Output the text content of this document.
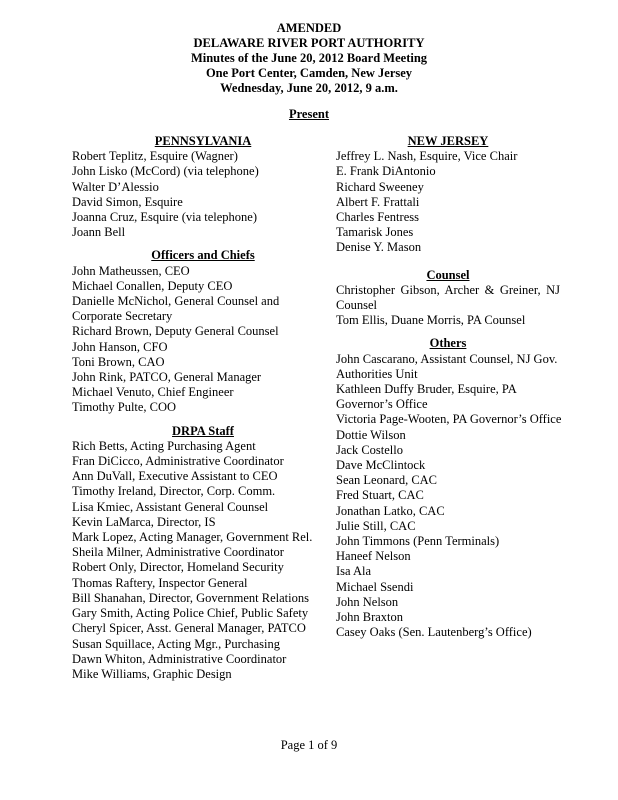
AMENDED
DELAWARE RIVER PORT AUTHORITY
Minutes of the June 20, 2012 Board Meeting
One Port Center, Camden, New Jersey
Wednesday, June 20, 2012, 9 a.m.
Present
PENNSYLVANIA
Robert Teplitz, Esquire (Wagner)
John Lisko (McCord) (via telephone)
Walter D’Alessio
David Simon, Esquire
Joanna Cruz, Esquire (via telephone)
Joann Bell
Officers and Chiefs
John Matheussen, CEO
Michael Conallen, Deputy CEO
Danielle McNichol, General Counsel and Corporate Secretary
Richard Brown, Deputy General Counsel
John Hanson, CFO
Toni Brown, CAO
John Rink, PATCO, General Manager
Michael Venuto, Chief Engineer
Timothy Pulte, COO
DRPA Staff
Rich Betts, Acting Purchasing Agent
Fran DiCicco, Administrative Coordinator
Ann DuVall, Executive Assistant to CEO
Timothy Ireland, Director, Corp. Comm.
Lisa Kmiec, Assistant General Counsel
Kevin LaMarca, Director, IS
Mark Lopez, Acting Manager, Government Rel.
Sheila Milner, Administrative Coordinator
Robert Only, Director, Homeland Security
Thomas Raftery, Inspector General
Bill Shanahan, Director, Government Relations
Gary Smith, Acting Police Chief, Public Safety
Cheryl Spicer, Asst. General Manager, PATCO
Susan Squillace, Acting Mgr., Purchasing
Dawn Whiton, Administrative Coordinator
Mike Williams, Graphic Design
NEW JERSEY
Jeffrey L. Nash, Esquire, Vice Chair
E. Frank DiAntonio
Richard Sweeney
Albert F. Frattali
Charles Fentress
Tamarisk Jones
Denise Y. Mason
Counsel
Christopher Gibson, Archer & Greiner, NJ Counsel
Tom Ellis, Duane Morris, PA Counsel
Others
John Cascarano, Assistant Counsel, NJ Gov. Authorities Unit
Kathleen Duffy Bruder, Esquire, PA Governor’s Office
Victoria Page-Wooten, PA Governor’s Office
Dottie Wilson
Jack Costello
Dave McClintock
Sean Leonard, CAC
Fred Stuart, CAC
Jonathan Latko, CAC
Julie Still, CAC
John Timmons (Penn Terminals)
Haneef Nelson
Isa Ala
Michael Ssendi
John Nelson
John Braxton
Casey Oaks (Sen. Lautenberg’s Office)
Page 1 of 9
